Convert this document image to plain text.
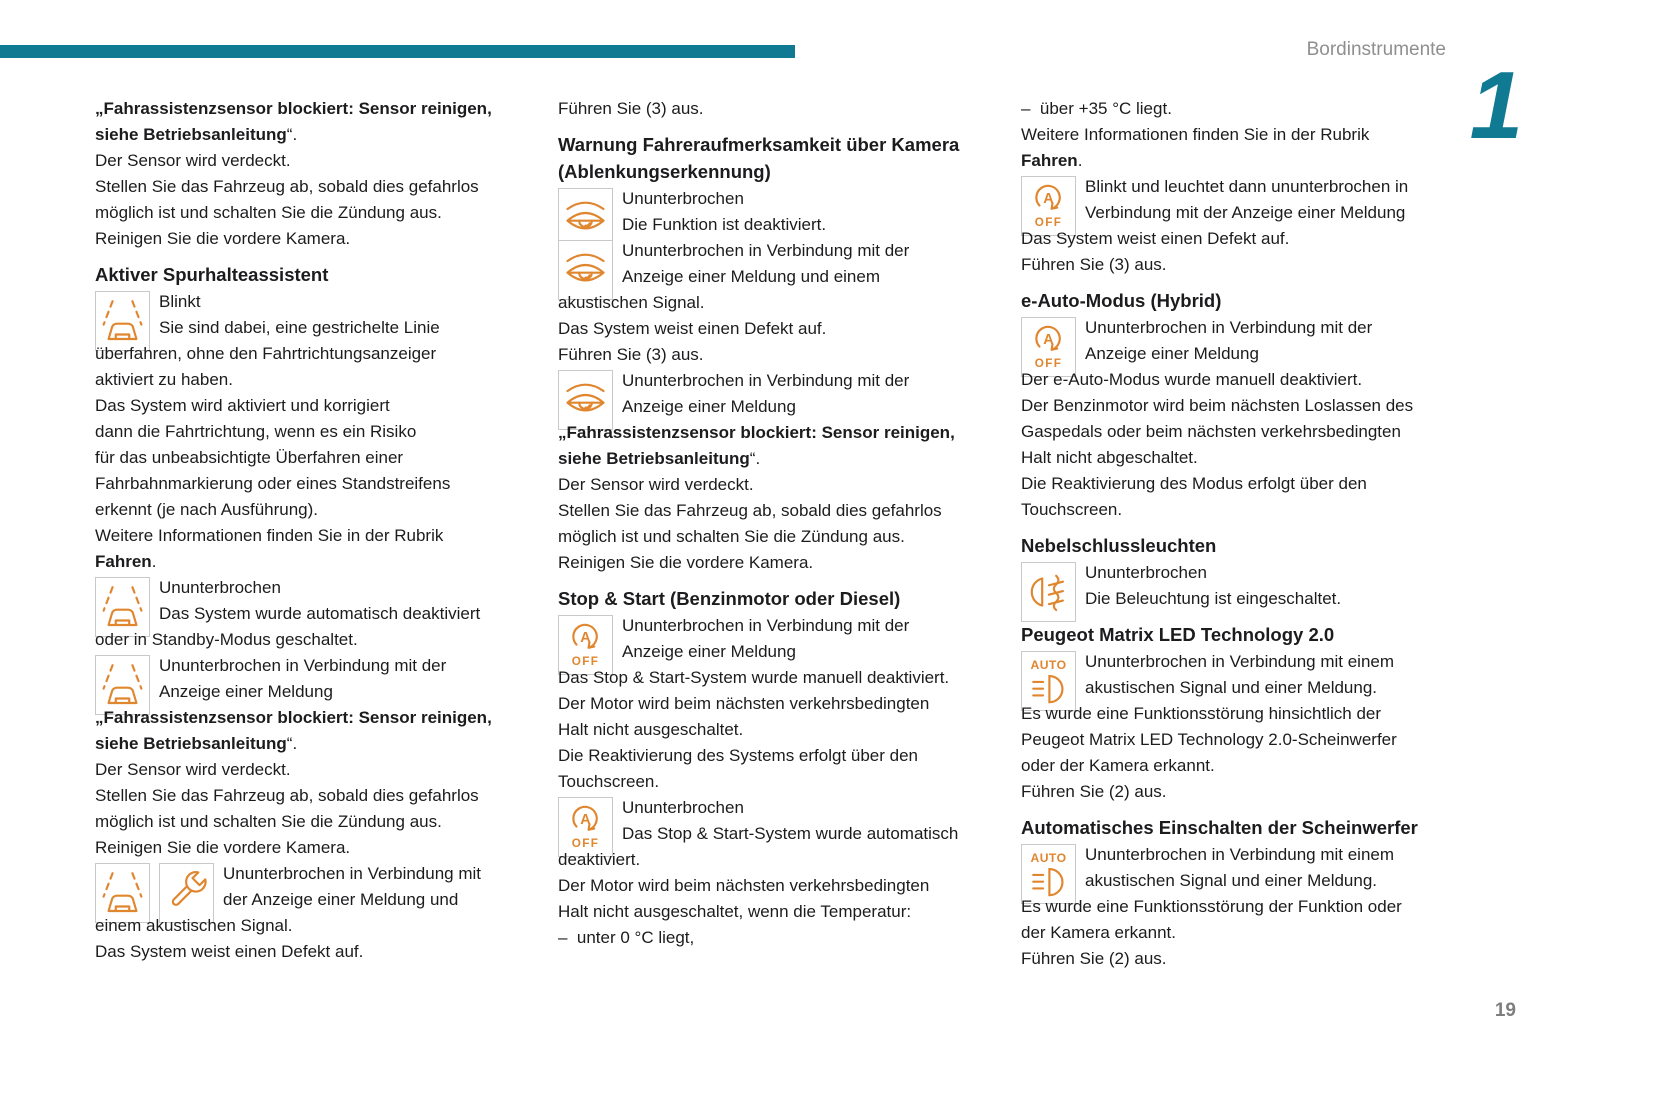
Bordinstrumente
1

„Fahrassistenzsensor blockiert: Sensor reinigen,
siehe Betriebsanleitung“.

Der Sensor wird verdeckt.

Stellen Sie das Fahrzeug ab, sobald dies gefahrlos
möglich ist und schalten Sie die Zündung aus.

Reinigen Sie die vordere Kamera.

Aktiver Spurhalteassistent
Blinkt
Sie sind dabei, eine gestrichelte Linie
überfahren, ohne den Fahrtrichtungsanzeiger
aktiviert zu haben.

Das System wird aktiviert und korrigiert
dann die Fahrtrichtung, wenn es ein Risiko
für das unbeabsichtigte Überfahren einer
Fahrbahnmarkierung oder eines Standstreifens
erkennt (je nach Ausführung).

Weitere Informationen finden Sie in der Rubrik
Fahren.

Ununterbrochen
Das System wurde automatisch deaktiviert
oder in Standby-Modus geschaltet.
Ununterbrochen in Verbindung mit der
Anzeige einer Meldung

„Fahrassistenzsensor blockiert: Sensor reinigen,
siehe Betriebsanleitung“.

Der Sensor wird verdeckt.

Stellen Sie das Fahrzeug ab, sobald dies gefahrlos
möglich ist und schalten Sie die Zündung aus.

Reinigen Sie die vordere Kamera.

Ununterbrochen in Verbindung mit
der Anzeige einer Meldung und
einem akustischen Signal.

Das System weist einen Defekt auf.

Führen Sie (3) aus.

Warnung Fahreraufmerksamkeit über Kamera
(Ablenkungserkennung)
Ununterbrochen
Die Funktion ist deaktiviert.
Ununterbrochen in Verbindung mit der
Anzeige einer Meldung und einem
akustischen Signal.

Das System weist einen Defekt auf.

Führen Sie (3) aus.

Ununterbrochen in Verbindung mit der
Anzeige einer Meldung

„Fahrassistenzsensor blockiert: Sensor reinigen,
siehe Betriebsanleitung“.

Der Sensor wird verdeckt.

Stellen Sie das Fahrzeug ab, sobald dies gefahrlos
möglich ist und schalten Sie die Zündung aus.

Reinigen Sie die vordere Kamera.

Stop & Start (Benzinmotor oder Diesel)
A
OFF
Ununterbrochen in Verbindung mit der
Anzeige einer Meldung

Das Stop & Start-System wurde manuell deaktiviert.

Der Motor wird beim nächsten verkehrsbedingten
Halt nicht ausgeschaltet.

Die Reaktivierung des Systems erfolgt über den
Touchscreen.

A
OFF
Ununterbrochen
Das Stop & Start-System wurde automatisch
deaktiviert.

Der Motor wird beim nächsten verkehrsbedingten
Halt nicht ausgeschaltet, wenn die Temperatur:

–  unter 0 °C liegt,

–  über +35 °C liegt.

Weitere Informationen finden Sie in der Rubrik
Fahren.

A
OFF
Blinkt und leuchtet dann ununterbrochen in
Verbindung mit der Anzeige einer Meldung

Das System weist einen Defekt auf.

Führen Sie (3) aus.

e-Auto-Modus (Hybrid)
A
OFF
Ununterbrochen in Verbindung mit der
Anzeige einer Meldung

Der e-Auto-Modus wurde manuell deaktiviert.

Der Benzinmotor wird beim nächsten Loslassen des
Gaspedals oder beim nächsten verkehrsbedingten
Halt nicht abgeschaltet.

Die Reaktivierung des Modus erfolgt über den
Touchscreen.

Nebelschlussleuchten
Ununterbrochen
Die Beleuchtung ist eingeschaltet.
Peugeot Matrix LED Technology 2.0
AUTO Ununterbrochen in Verbindung mit einem
akustischen Signal und einer Meldung.

Es wurde eine Funktionsstörung hinsichtlich der
Peugeot Matrix LED Technology 2.0-Scheinwerfer
oder der Kamera erkannt.

Führen Sie (2) aus.

Automatisches Einschalten der Scheinwerfer
AUTO Ununterbrochen in Verbindung mit einem
akustischen Signal und einer Meldung.

Es wurde eine Funktionsstörung der Funktion oder
der Kamera erkannt.

Führen Sie (2) aus.

19
